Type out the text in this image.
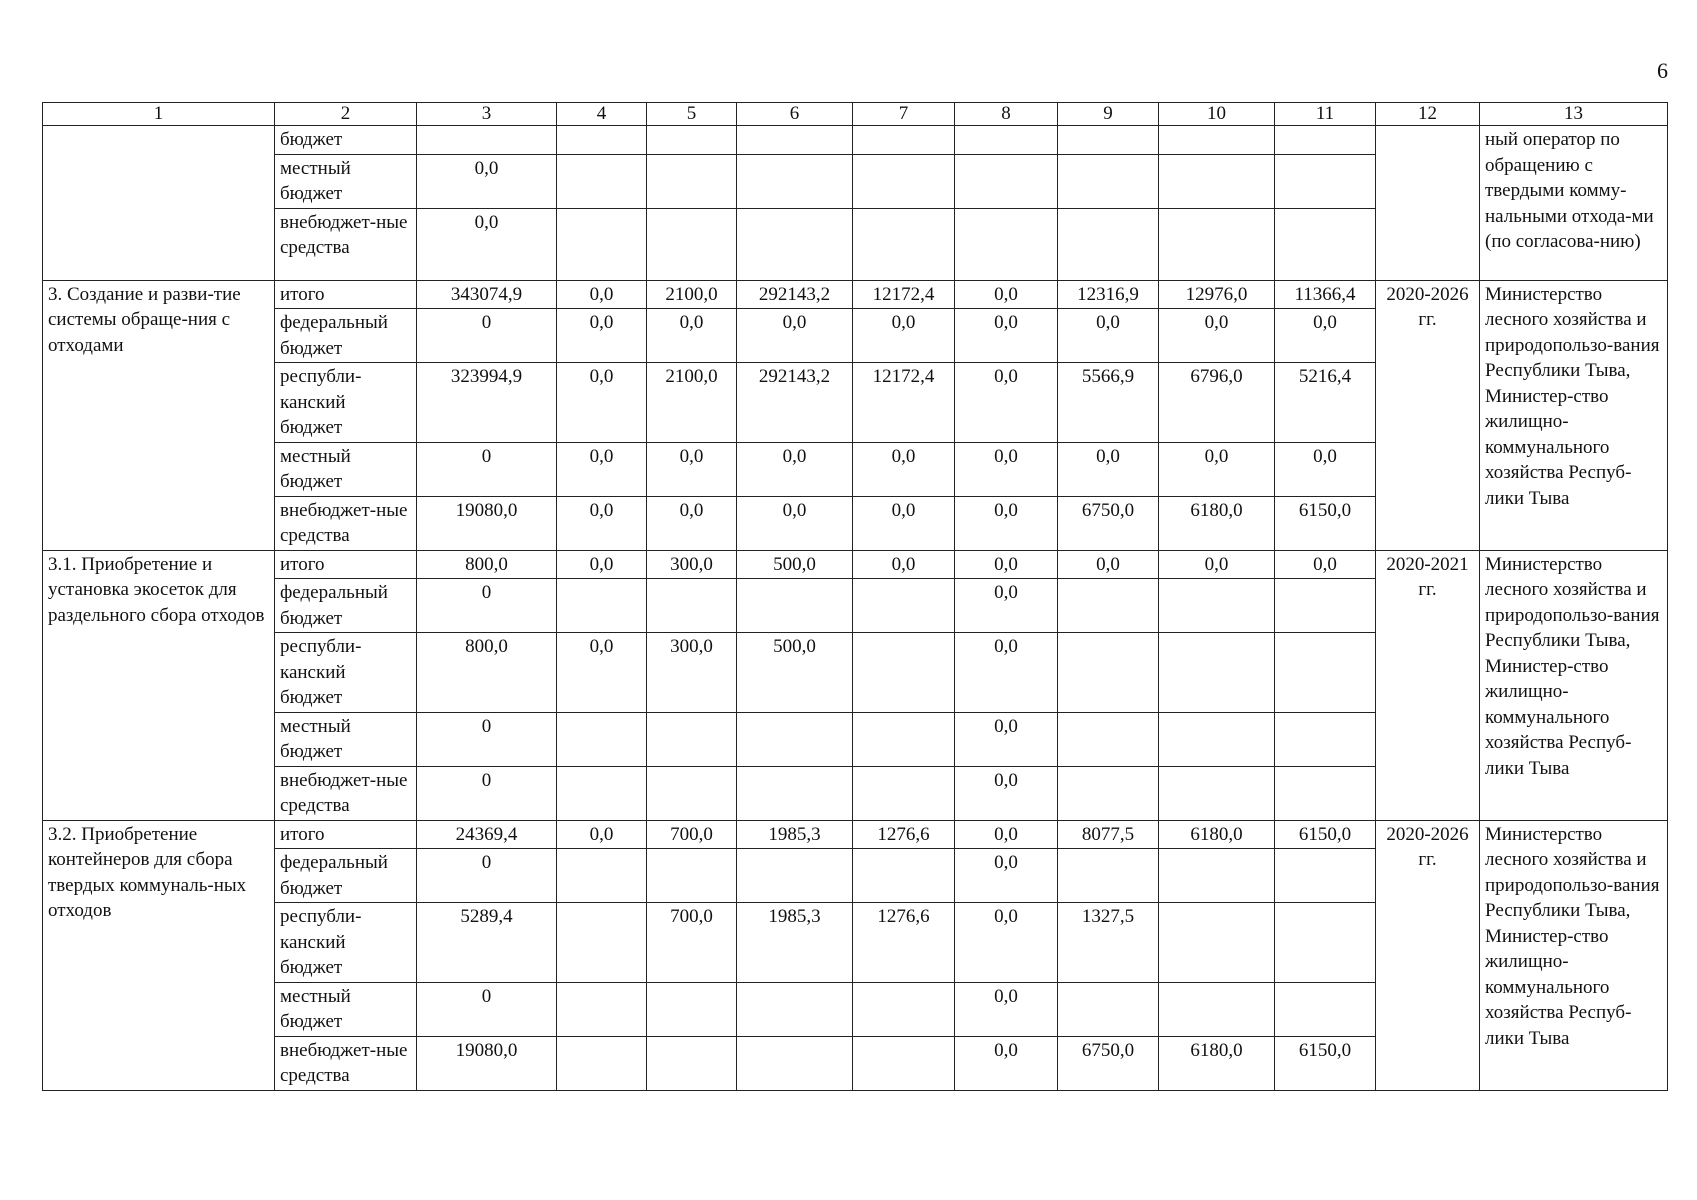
6
1	2	3	4	5	6	7	8	9	10	11	12	13
	бюджет											ный оператор по обращению с твердыми комму-нальными отхода-ми (по согласова-нию)
	местный бюджет	0,0										
	внебюджет-ные средства	0,0										
3. Создание и разви-тие системы обраще-ния с отходами	итого	343074,9	0,0	2100,0	292143,2	12172,4	0,0	12316,9	12976,0	11366,4	2020-2026 гг.	Министерство лесного хозяйства и природопользо-вания Республики Тыва, Министер-ство жилищно-коммунального хозяйства Респуб-лики Тыва
	федеральный бюджет	0	0,0	0,0	0,0	0,0	0,0	0,0	0,0	0,0		
	республи-канский бюджет	323994,9	0,0	2100,0	292143,2	12172,4	0,0	5566,9	6796,0	5216,4		
	местный бюджет	0	0,0	0,0	0,0	0,0	0,0	0,0	0,0	0,0		
	внебюджет-ные средства	19080,0	0,0	0,0	0,0	0,0	0,0	6750,0	6180,0	6150,0		
3.1. Приобретение и установка экосеток для раздельного сбора отходов	итого	800,0	0,0	300,0	500,0	0,0	0,0	0,0	0,0	0,0	2020-2021 гг.	Министерство лесного хозяйства и природопользо-вания Республики Тыва, Министер-ство жилищно-коммунального хозяйства Респуб-лики Тыва
	федеральный бюджет	0					0,0					
	республи-канский бюджет	800,0	0,0	300,0	500,0		0,0					
	местный бюджет	0					0,0					
	внебюджет-ные средства	0					0,0					
3.2. Приобретение контейнеров для сбора твердых коммуналь-ных отходов	итого	24369,4	0,0	700,0	1985,3	1276,6	0,0	8077,5	6180,0	6150,0	2020-2026 гг.	Министерство лесного хозяйства и природопользо-вания Республики Тыва, Министер-ство жилищно-коммунального хозяйства Респуб-лики Тыва
	федеральный бюджет	0					0,0					
	республи-канский бюджет	5289,4		700,0	1985,3	1276,6	0,0	1327,5				
	местный бюджет	0					0,0					
	внебюджет-ные средства	19080,0					0,0	6750,0	6180,0	6150,0		
